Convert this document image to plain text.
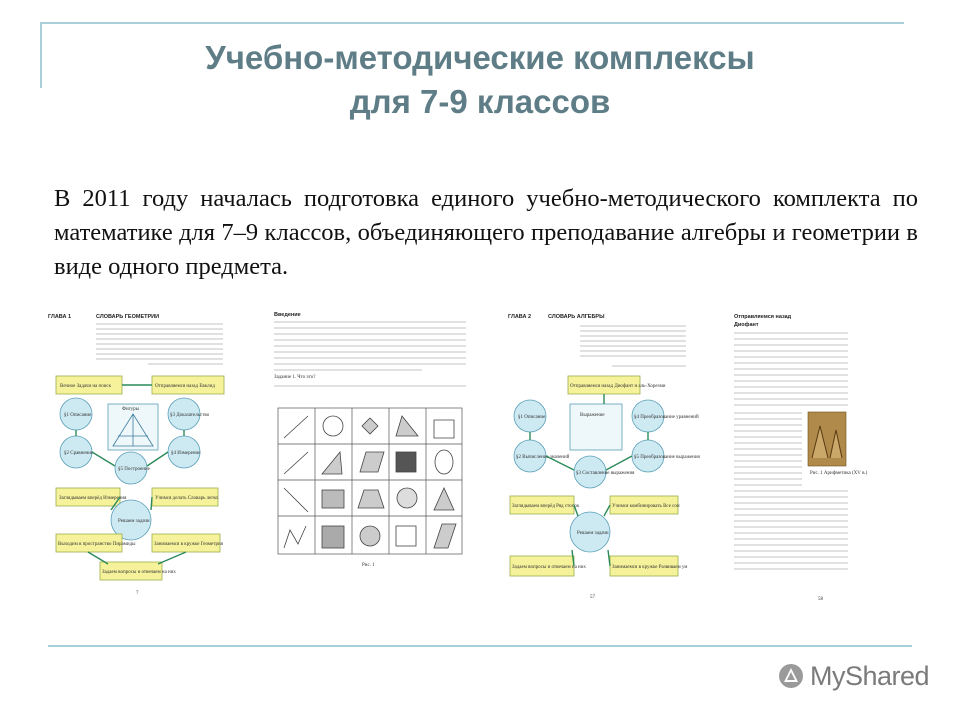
Учебно-методические комплексы
для 7-9 классов
В 2011 году началась подготовка единого учебно-методического комплекта по математике для 7–9 классов, объединяющего преподавание алгебры и геометрии в виде одного предмета.
ГЛАВА 1	СЛОВАРЬ ГЕОМЕТРИИ
Вечное Задачи на поиск	Отправляемся назад Евклид
§1 Описание
Фигуры
§3 Доказательство
§2 Сравнение	§4 Измерение
§5 Построение
Заглядываем вперёд Измерения	Учимся делать Словарь легко
Решаем задачи
Выходим в пространство Пирамиды	Занимаемся в кружке Геометрия
Задаем вопросы и отвечаем на них
7
Введение
Задание 1. Что это?
Рис. 1
ГЛАВА 2	СЛОВАРЬ АЛГЕБРЫ
Отправляемся назад Диофант и аль-Хорезми
§1 Описание	Выражение	§4 Преобразование уравнений
§2 Вычисление значений	§5 Преобразование выражения
§3 Составление выражения
Заглядываем вперёд Ряд стопок	Учимся комбинировать Все сон
Решаем задачи
Задаем вопросы и отвечаем на них	Занимаемся в кружке Развиваем ум
57
Отправляемся назад
Диофант
Рис. 1 Арифметика (XV в.)
58
MyShared
